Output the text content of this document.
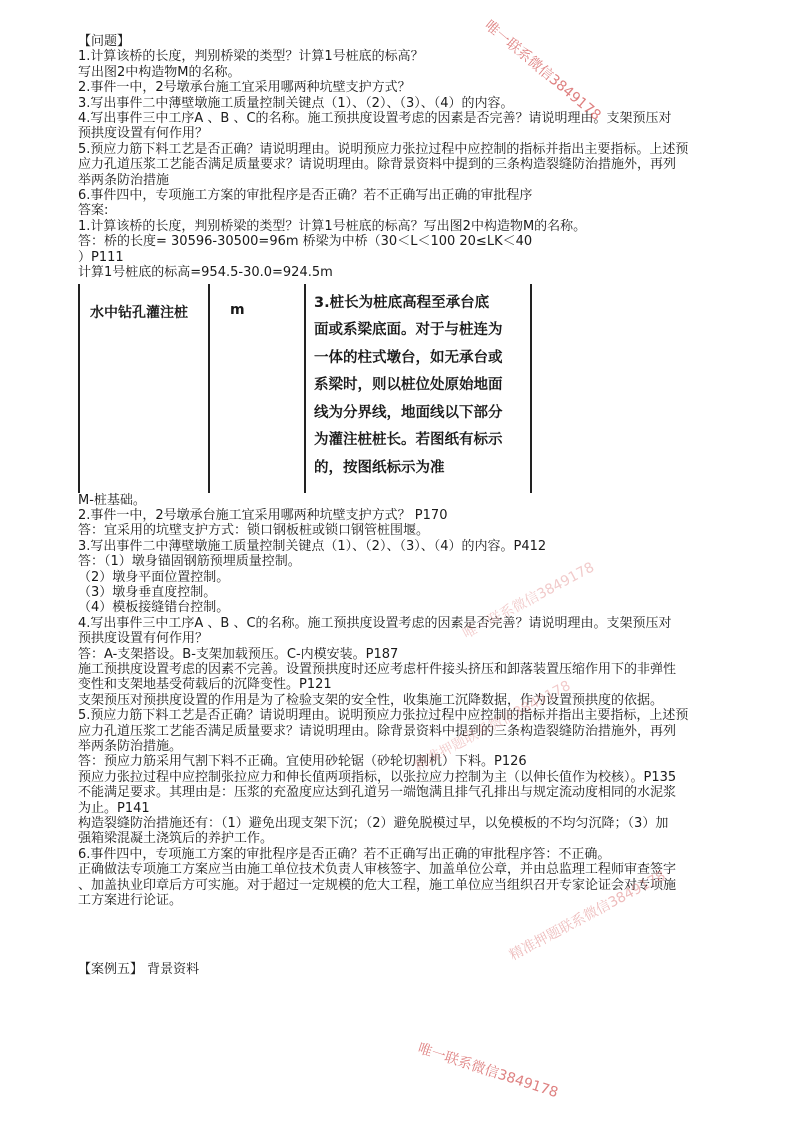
【问题】
1.计算该桥的长度，判别桥梁的类型？计算1号桩底的标高？
写出图2中构造物M的名称。
2.事件一中，2号墩承台施工宜采用哪两种坑壁支护方式？
3.写出事件二中薄壁墩施工质量控制关键点（1）、（2）、（3）、（4）的内容。
4.写出事件三中工序A 、B 、C的名称。施工预拱度设置考虑的因素是否完善？请说明理由。支架预压对
预拱度设置有何作用？
5.预应力筋下料工艺是否正确？请说明理由。说明预应力张拉过程中应控制的指标并指出主要指标。上述预
应力孔道压浆工艺能否满足质量要求？请说明理由。除背景资料中提到的三条构造裂缝防治措施外，再列
举两条防治措施
6.事件四中，专项施工方案的审批程序是否正确？若不正确写出正确的审批程序
答案:
1.计算该桥的长度，判别桥梁的类型？计算1号桩底的标高？写出图2中构造物M的名称。
答：桥的长度= 30596-30500=96m 桥梁为中桥（30＜L＜100 20≤LK＜40
）P111
计算1号桩底的标高=954.5-30.0=924.5m
水中钻孔灌注桩	m	3.桩长为桩底高程至承台底
面或系梁底面。对于与桩连为
一体的柱式墩台，如无承台或
系梁时，则以桩位处原始地面
线为分界线，地面线以下部分
为灌注桩桩长。若图纸有标示
的，按图纸标示为准
M-桩基础。
2.事件一中，2号墩承台施工宜采用哪两种坑壁支护方式？ P170
答：宜采用的坑壁支护方式：锁口钢板桩或锁口钢管桩围堰。
3.写出事件二中薄壁墩施工质量控制关键点（1）、（2）、（3）、（4）的内容。P412
答：（1）墩身锚固钢筋预埋质量控制。
（2）墩身平面位置控制。
（3）墩身垂直度控制。
（4）模板接缝错台控制。
4.写出事件三中工序A 、B 、C的名称。施工预拱度设置考虑的因素是否完善？请说明理由。支架预压对
预拱度设置有何作用？
答：A-支架搭设。B-支架加载预压。C-内模安装。P187
施工预拱度设置考虑的因素不完善。设置预拱度时还应考虑杆件接头挤压和卸落装置压缩作用下的非弹性
变性和支架地基受荷载后的沉降变性。P121
支架预压对预拱度设置的作用是为了检验支架的安全性，收集施工沉降数据，作为设置预拱度的依据。
5.预应力筋下料工艺是否正确？请说明理由。说明预应力张拉过程中应控制的指标并指出主要指标，上述预
应力孔道压浆工艺能否满足质量要求？请说明理由。除背景资料中提到的三条构造裂缝防治措施外，再列
举两条防治措施。
答：预应力筋采用气割下料不正确。宜使用砂轮锯（砂轮切割机）下料。P126
预应力张拉过程中应控制张拉应力和伸长值两项指标，以张拉应力控制为主（以伸长值作为校核）。P135
不能满足要求。其理由是：压浆的充盈度应达到孔道另一端饱满且排气孔排出与规定流动度相同的水泥浆
为止。P141
构造裂缝防治措施还有：（1）避免出现支架下沉；（2）避免脱模过早，以免模板的不均匀沉降；（3）加
强箱梁混凝土浇筑后的养护工作。
6.事件四中，专项施工方案的审批程序是否正确？若不正确写出正确的审批程序答：不正确。
正确做法专项施工方案应当由施工单位技术负责人审核签字、加盖单位公章，并由总监理工程师审查签字
、加盖执业印章后方可实施。对于超过一定规模的危大工程，施工单位应当组织召开专家论证会对专项施
工方案进行论证。
【案例五】 背景资料
唯一联系微信3849178
唯一联系微信3849178
精准押题联系微信3849178
唯一联系微信3849178
精准押题联系微信3849178
